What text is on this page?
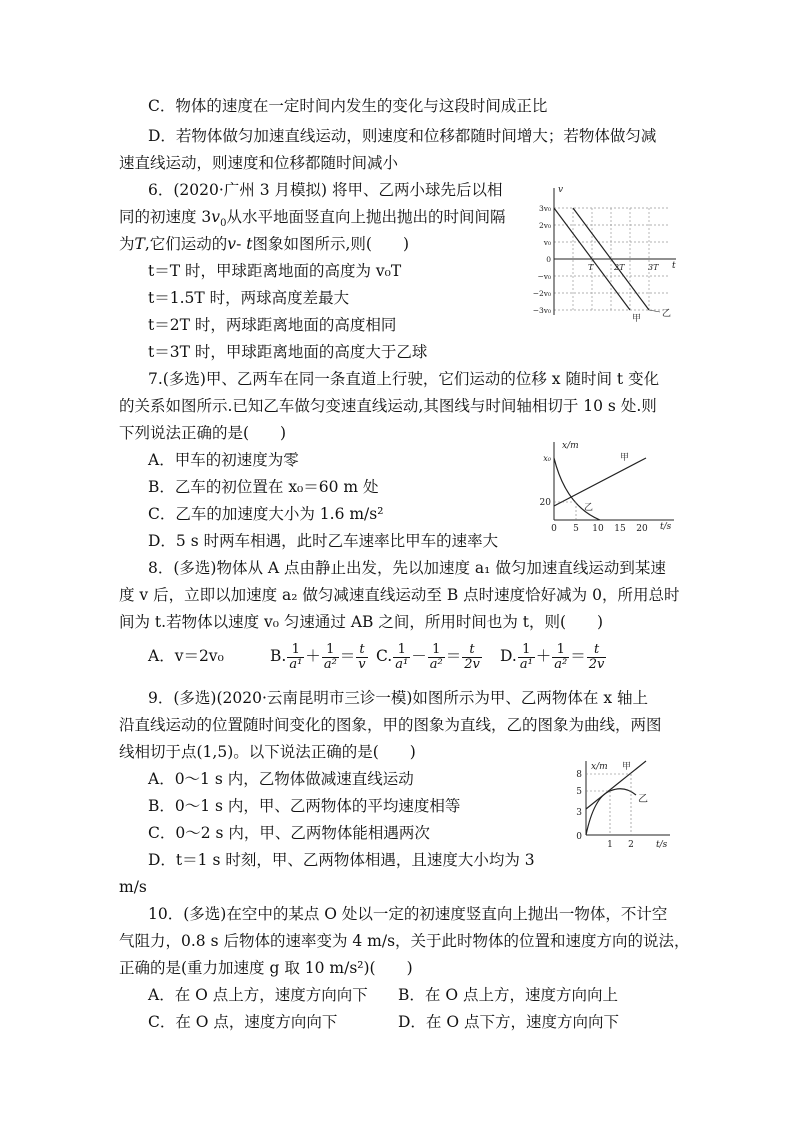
C．物体的速度在一定时间内发生的变化与这段时间成正比
D．若物体做匀加速直线运动，则速度和位移都随时间增大；若物体做匀减
速直线运动，则速度和位移都随时间减小
6．(2020·广州 3 月模拟) 将甲、乙两小球先后以相
同的初速度 $3v_0$从水平地面竖直向上抛出抛出的时间间隔
为T,它们运动的v- t图象如图所示,则(　　)
t＝T 时，甲球距离地面的高度为 v₀T
t＝1.5T 时，两球高度差最大
t＝2T 时，两球距离地面的高度相同
t＝3T 时，甲球距离地面的高度大于乙球
v
t
3v₀
2v₀
v₀
0
−v₀
−2v₀
−3v₀
T	2T	3T
甲 乙
7.(多选)甲、乙两车在同一条直道上行驶，它们运动的位移 x 随时间 t 变化
的关系如图所示.已知乙车做匀变速直线运动,其图线与时间轴相切于 10 s 处.则
下列说法正确的是(　　)
A．甲车的初速度为零
B．乙车的初位置在 x₀＝60 m 处
C．乙车的加速度大小为 1.6 m/s²
D．5 s 时两车相遇，此时乙车速率比甲车的速率大
x/m
t/s
x₀
20
0 5 10 15 20
甲
乙
8．(多选)物体从 A 点由静止出发，先以加速度 a₁ 做匀加速直线运动到某速
度 v 后，立即以加速度 a₂ 做匀减速直线运动至 B 点时速度恰好减为 0，所用总时
间为 t.若物体以速度 v₀ 匀速通过 AB 之间，所用时间也为 t，则(　　)
A．v＝2v₀	B. $\frac{1}{\text{a¹}} + \frac{1}{\text{a²}} = \frac{t}{v} C$. $\frac{1}{\text{a¹}} - \frac{1}{\text{a²}} = \frac{t}{2v} D$. $\frac{1}{\text{a¹}} + \frac{1}{\text{a²}} = \frac{t}{2v}$
9．(多选)(2020·云南昆明市三诊一模)如图所示为甲、乙两物体在 x 轴上
沿直线运动的位置随时间变化的图象，甲的图象为直线，乙的图象为曲线，两图
线相切于点(1,5)。以下说法正确的是(　　)
A．0～1 s 内，乙物体做减速直线运动
B．0～1 s 内，甲、乙两物体的平均速度相等
C．0～2 s 内，甲、乙两物体能相遇两次
D．t＝1 s 时刻，甲、乙两物体相遇，且速度大小均为 3
m/s
x/m
t/s
8
5
3
0
1 2
甲
乙
10．(多选)在空中的某点 O 处以一定的初速度竖直向上抛出一物体，不计空
气阻力，0.8 s 后物体的速率变为 4 m/s，关于此时物体的位置和速度方向的说法，
正确的是(重力加速度 g 取 10 m/s²)(　　)
A．在 O 点上方，速度方向向下 B．在 O 点上方，速度方向向上
C．在 O 点，速度方向向下	D．在 O 点下方，速度方向向下
